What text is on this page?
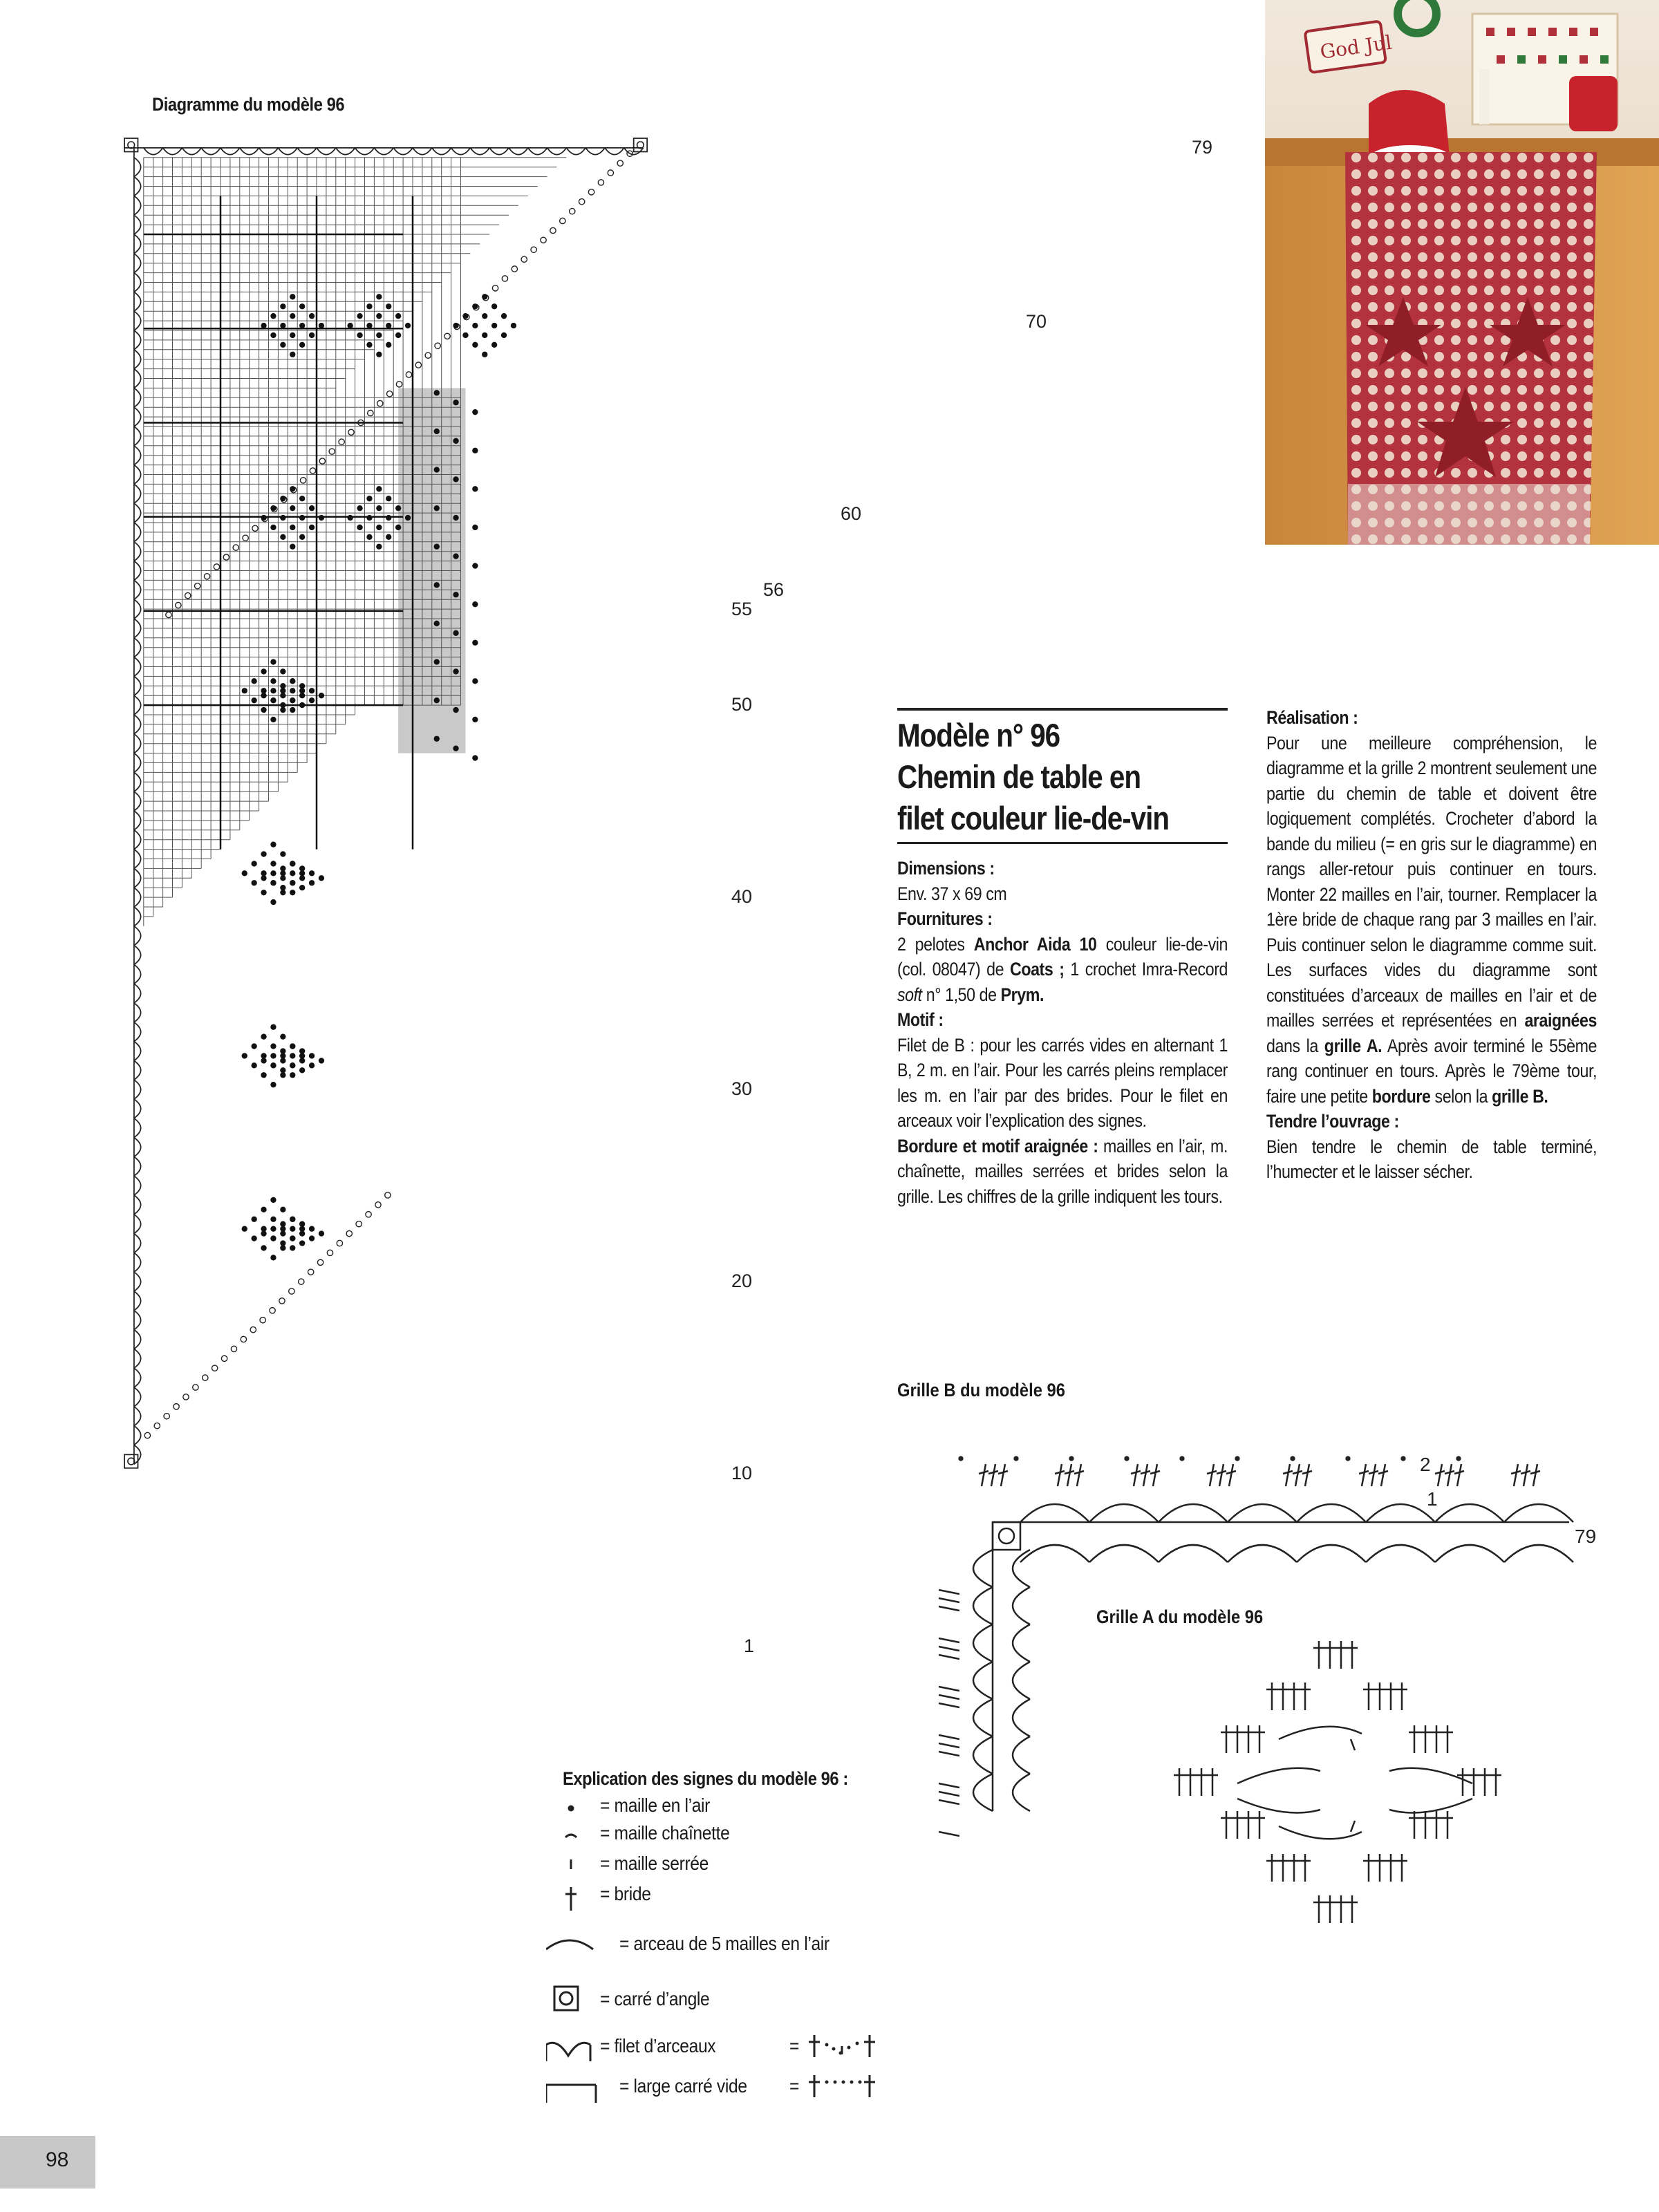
Diagramme du modèle 96
79
70
60
56
55
50
40
30
20
10
1
God Jul
Modèle n° 96
Chemin de table en
filet couleur lie-de-vin
Dimensions :
Env. 37 x 69 cm
Fournitures :
2 pelotes Anchor Aida 10 couleur lie-de-vin (col. 08047) de Coats ; 1 crochet Imra-Record soft n° 1,50 de Prym.
Motif :
Filet de B : pour les carrés vides en alternant 1 B, 2 m. en l’air. Pour les carrés pleins remplacer les m. en l’air par des brides. Pour le filet en arceaux voir l’explication des signes.
Bordure et motif araignée : mailles en l’air, m. chaînette, mailles serrées et brides selon la grille. Les chiffres de la grille indiquent les tours.
Réalisation :
Pour une meilleure compréhension, le diagramme et la grille 2 montrent seulement une partie du chemin de table et doivent être logiquement complétés. Crocheter d’abord la bande du milieu (= en gris sur le diagramme) en rangs aller-retour puis continuer en tours. Monter 22 mailles en l’air, tourner. Remplacer la 1ère bride de chaque rang par 3 mailles en l’air. Puis continuer selon le diagramme comme suit. Les surfaces vides du diagramme sont constituées d’arceaux de mailles en l’air et de mailles serrées et représentées en araignées dans la grille A. Après avoir terminé le 55ème rang continuer en tours. Après le 79ème tour, faire une petite bordure selon la grille B.
Tendre l’ouvrage :
Bien tendre le chemin de table terminé, l’humecter et le laisser sécher.
Grille B du modèle 96
2
1
79
Grille A du modèle 96
Explication des signes du modèle 96 :
= maille en l’air
= maille chaînette
= maille serrée
= bride
= arceau de 5 mailles en l’air
= carré d’angle
= filet d’arceaux
= large carré vide
=
=
98
